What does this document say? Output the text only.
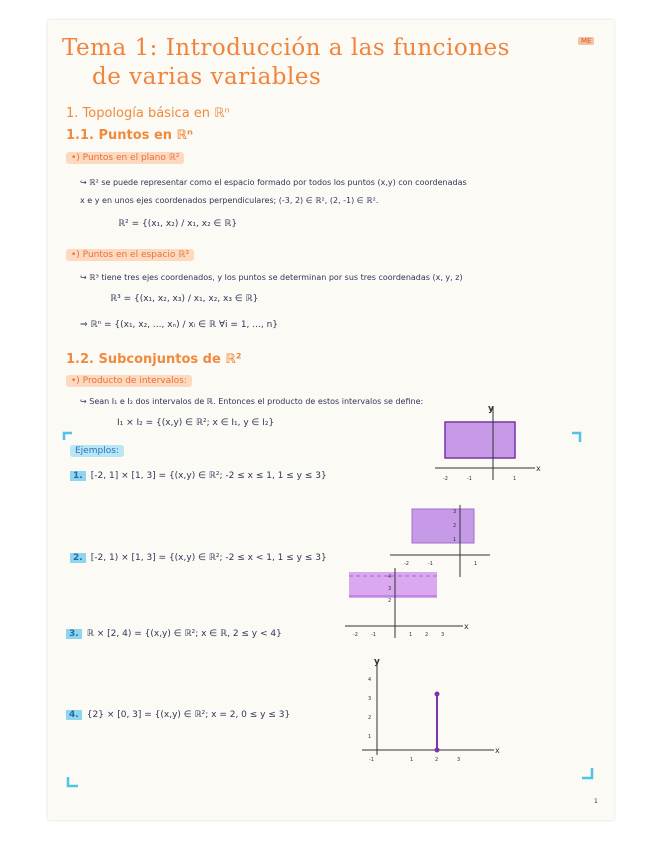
ME
Tema 1: Introducción a las funciones
de varias variables
1. Topología básica en ℝⁿ
1.1. Puntos en ℝⁿ
•) Puntos en el plano ℝ²
↪ ℝ² se puede representar como el espacio formado por todos los puntos (x,y) con coordenadas
x e y en unos ejes coordenados perpendiculares; (-3, 2) ∈ ℝ², (2, -1) ∈ ℝ².
ℝ² = {(x₁, x₂) / x₁, x₂ ∈ ℝ}
•) Puntos en el espacio ℝ³
↪ ℝ³ tiene tres ejes coordenados, y los puntos se determinan por sus tres coordenadas (x, y, z)
ℝ³ = {(x₁, x₂, x₃) / x₁, x₂, x₃ ∈ ℝ}
⇒ ℝⁿ = {(x₁, x₂, ..., xₙ) / xᵢ ∈ ℝ ∀i = 1, ..., n}
1.2. Subconjuntos de ℝ²
•) Producto de intervalos:
↪ Sean I₁ e I₂ dos intervalos de ℝ. Entonces el producto de estos intervalos se define:
I₁ × I₂ = {(x,y) ∈ ℝ²; x ∈ I₁, y ∈ I₂}
Ejemplos:
1. [-2, 1] × [1, 3] = {(x,y) ∈ ℝ²; -2 ≤ x ≤ 1, 1 ≤ y ≤ 3}
2. [-2, 1) × [1, 3] = {(x,y) ∈ ℝ²; -2 ≤ x < 1, 1 ≤ y ≤ 3}
3. ℝ × [2, 4) = {(x,y) ∈ ℝ²; x ∈ ℝ, 2 ≤ y < 4}
4. {2} × [0, 3] = {(x,y) ∈ ℝ²; x = 2, 0 ≤ y ≤ 3}
y
x
-2	-1	1
3
2
1
-2	-1	1
x
4
3
2
-2	-1	1	2	3
y
x
4
3
2
1
-1	1	2	3
1
